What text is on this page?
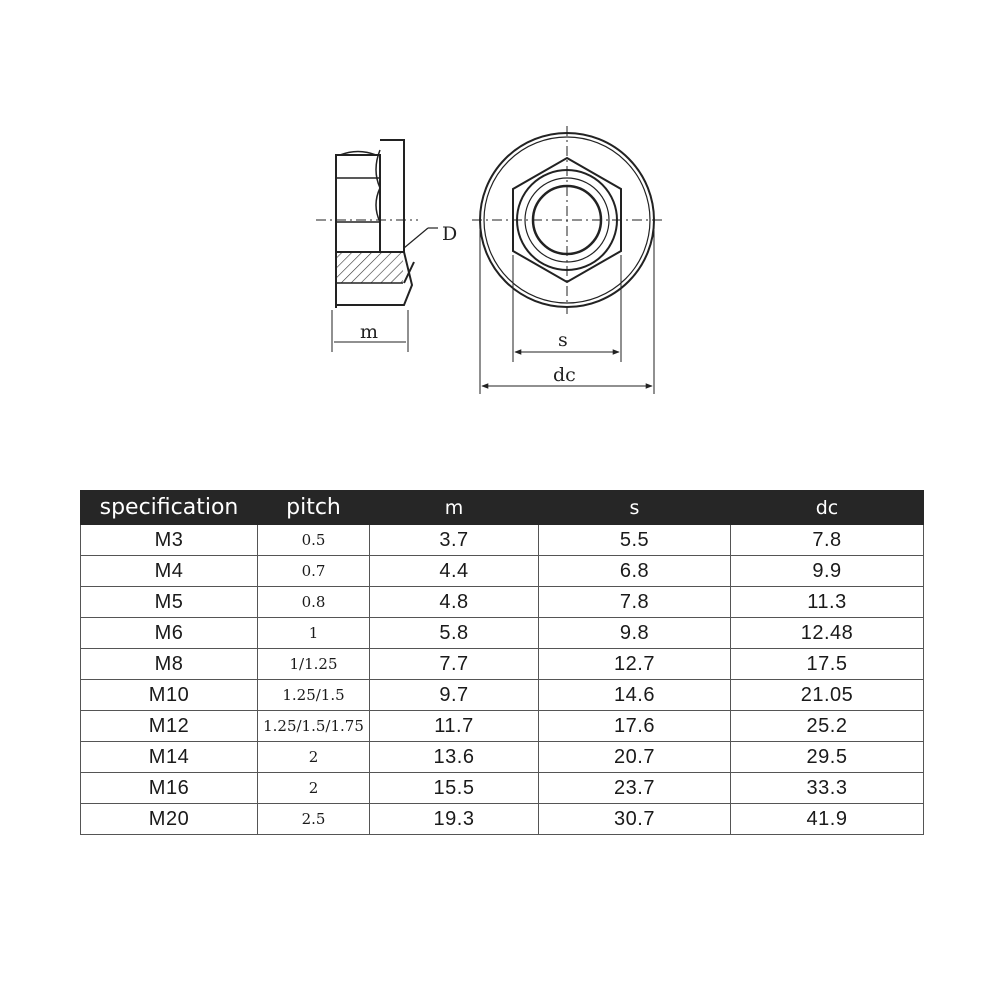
D
m	s
dc
specification	pitch	m	s	dc
M3	0.5	3.7	5.5	7.8
M4	0.7	4.4	6.8	9.9
M5	0.8	4.8	7.8	11.3
M6	1	5.8	9.8	12.48
M8	1/1.25	7.7	12.7	17.5
M10	1.25/1.5	9.7	14.6	21.05
M12	1.25/1.5/1.75	11.7	17.6	25.2
M14	2	13.6	20.7	29.5
M16	2	15.5	23.7	33.3
M20	2.5	19.3	30.7	41.9
